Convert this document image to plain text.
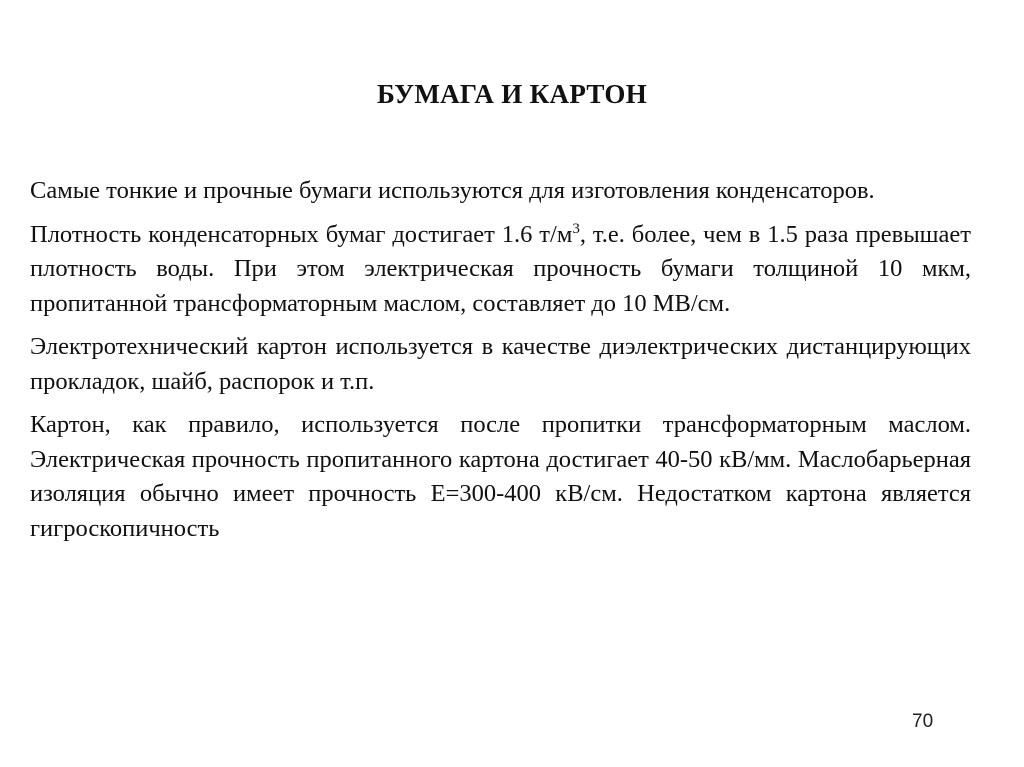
БУМАГА И КАРТОН

Самые тонкие и прочные бумаги используются для изготовления конденсаторов.

Плотность конденсаторных бумаг достигает 1.6 $т/м^3$, т.е. более, чем в 1.5 раза превышает плотность воды. При этом электрическая прочность бумаги толщиной 10 мкм, пропитанной трансформаторным маслом, составляет до 10 МВ/см.

Электротехнический картон используется в качестве диэлектрических дистанцирующих прокладок, шайб, распорок и т.п.

Картон, как правило, используется после пропитки трансформаторным маслом. Электрическая прочность пропитанного картона достигает 40-50 кВ/мм. Маслобарьерная изоляция обычно имеет прочность Е=300-400 кВ/см. Недостатком картона является гигроскопичность

70
